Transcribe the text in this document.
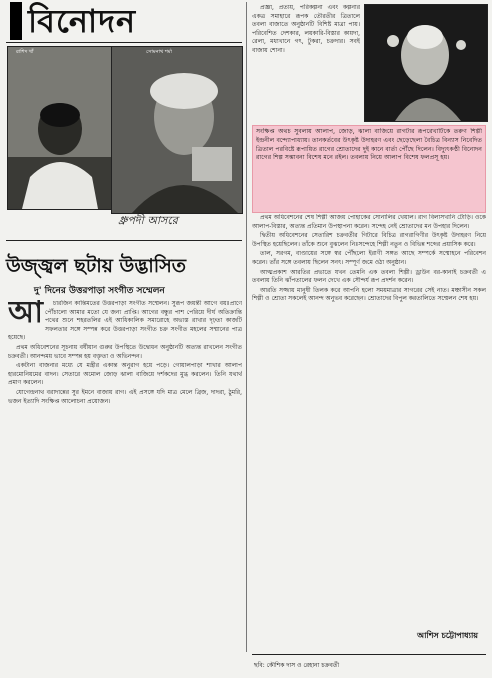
বিনোদন
রাশিদ খাঁ	সোমনাথ শর্মা
ধ্রুপদী আসরে
উজ্জ্বল ছটায় উদ্ভাসিত
দু' দিনের উত্তরপাড়া সংগীত সম্মেলন
আ	চারজিন কান্তিমতের উত্তরপাড়া সংগীত সম্মেলন। সুরূপ জয়ন্তী আগে বয়ঃপ্রাণে পৌঁচালো আমার মতো যে জন্য প্রাপ্তি। আগের বন্ধুর পাশ পেরিয়ে দীর্ঘ অতিক্রান্তি পথের শুনে শহরতলির এই আধিকালিক সমারোহে অভ্যস্ত রাখার দৃঢ়তা কাজটি সফলতার সঙ্গে সম্পন্ন করে উত্তরপাড়া সংগীত চক্র সংগীত মহলের সম্মানের পাত্র হয়েছে।

প্রথম অধিবেশনের সূচনায় বর্ষীয়ান গুরুর উপস্থিতে উদ্বোধন অনুষ্ঠানটি অত্যন্ত রাখলেন সংগীত চক্রবর্তী। আনন্দময় ভাবে সম্পন্ন হয় বক্তৃতা ও অভিনন্দন।

একটানা বাজনার মধ্যে যে মন্ত্রীর একান্ত অনুরাগ হয়ে পড়ে। গোয়ালপাড়া শাখার আলাপ হারমোনিয়মের বাদন। সেতারে অমোল জোড় ঝালা বাজিয়ে দর্শকদের মুগ্ধ করলেন। তিনি যথার্থ প্রমাণ করলেন।

যোগেন্দ্রনাথ বরাদান্নের সুর ইমনে বাজায় রাগ। এই প্রসঙ্গে যদি মাত্র মেলে ব্রিজ, দাদরা, ঠুমরি, ভজন ইত্যাদি সংক্ষিপ্ত আলোচনা প্রয়োজন।

প্রজ্ঞা, প্রত্যয়, পরিকল্পনা এবং কল্পনার একত্র সমাহারে রূপক তৌরতীর ত্রিতালে তবলা বাজাতে অনুষ্ঠানটি বিশিষ্ট মাত্রা পায়। পরিবেশিত দেশকার, লয়কারি-বিস্তার কায়দা, রেলা, মধ্যখানে গৎ, টুকরা, চক্রদার। সবই বাজায় শোনা।

সংক্ষিপ্ত অথচ সুবলায় আলাপ, জোড়, ঝালা বাজিয়ে রাগটার রূপরেখাটিকে তরুণ শিল্পী ইন্দ্রনীল বন্দ্যোপাধ্যায়। তানকর্তবের উৎকৃষ্ট উদাহরণ এবং ছেড়েছেলা বৈচিত্র বিন্যাস নিবেদিত ত্রিতাল পরবিষ্টে রূপায়িত রাগের শ্রোতাদের দুই কানে বার্তা পৌঁছে দিলেন। বিদ্যুৎকণ্ঠী বিনোদন রাগের শিল্প সম্ভাবনা বিশেষ মনে রইল। তবলায় নিয়ে আলাপ বিশেষ ফলপ্রসূ হয়।

প্রথম অধিবেশনের শেষ শিল্পী আজয় পোহাকের সোনালির খেয়াল। রাগ বিলাসখানি টোড়ি। ওকে আলাপ-বিস্তার, অত্যন্ত প্রতিমান উপস্থাপনা করেন। সন্দেহ নেই শ্রোতাদের মন উপহার দিলেন।

দ্বিতীয় অধিবেশনের সেতারিশ চক্রবর্তীর গিটারে বিচিত্র রাগরাগিণীর উৎকৃষ্ট উদাহরণ নিয়ে উপস্থিত হয়েছিলেন। তাঁকে শুনে বুঝলেন নিঃসন্দেহে শিল্পী নতুন ও বিভিন্ন শব্দের প্রয়াসিক করে।

তাল, সরগম, বাণ্ডায়ের সঙ্গে স্বর পৌঁছলো ইরাণী সঙ্গত আছে সম্পর্কে সম্মোহনে পরিবেশন করেন। তাঁর সঙ্গে তবলায় ছিলেন সনৎ। সম্পূর্ণ জমে ওঠা অনুষ্ঠান।

আত্মপ্রকাশ আরতির প্রভাতে যখন তেমনি এক তবলা শিল্পী। ড্রাউন বর-কানাই চক্রবর্তী এ তবলায় তিনি ঝাঁপতালের ফলন দেখে এক সৌন্দর্য রূপ প্রদর্শন করেন।

আরতি সজ্জায় মানুষী তিলক করে আপনি হলো সময়মাত্রার সাগরের সেই নাত। মঞ্চাসীন সকল শিল্পী ও শ্রোতা সকলেই আনন্দ অনুভব করেছেন। শ্রোতাদের বিপুল করতালিতে সম্মেলন শেষ হয়।

আশিস চট্টোপাধ্যায়
ছবি: কৌশিক দাস ও রেহানা চক্রবর্তী
